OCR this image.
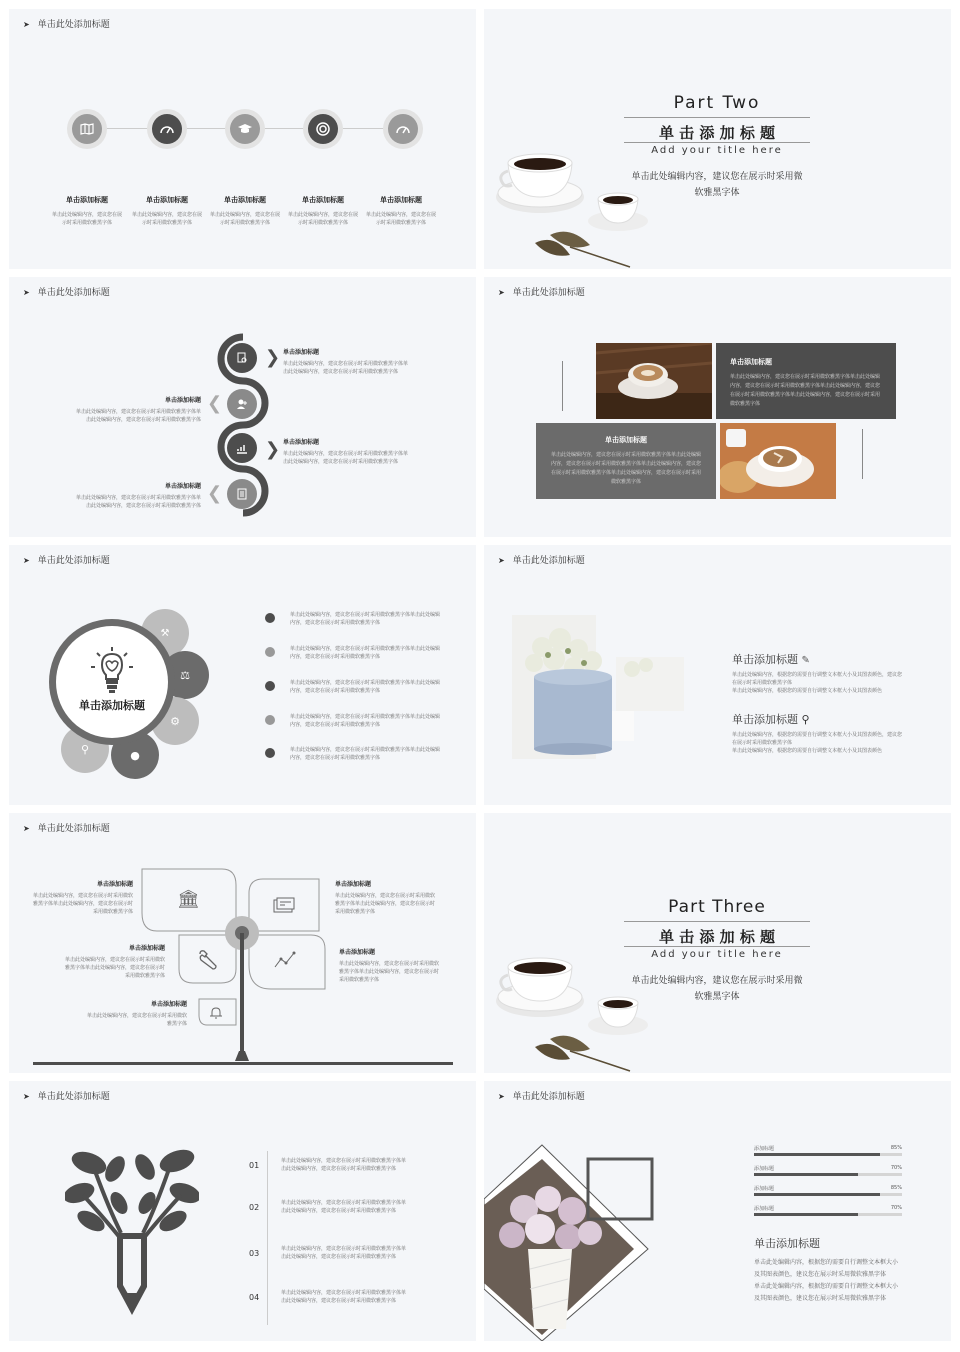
➤ 单击此处添加标题
单击添加标题
单击此处编辑内容，建议您在展示时采用微软雅黑字体
单击添加标题
单击此处编辑内容，建议您在展示时采用微软雅黑字体
单击添加标题
单击此处编辑内容，建议您在展示时采用微软雅黑字体
单击添加标题
单击此处编辑内容，建议您在展示时采用微软雅黑字体
单击添加标题
单击此处编辑内容，建议您在展示时采用微软雅黑字体
Part Two
单 击 添 加 标 题
Add your title here
单击此处编辑内容，建议您在展示时采用微
软雅黑字体
➤ 单击此处添加标题
❯
❮
❯
❮
单击添加标题
单击此处编辑内容，建议您在展示时采用微软雅黑字体单
击此处编辑内容，建议您在展示时采用微软雅黑字体
单击添加标题
单击此处编辑内容，建议您在展示时采用微软雅黑字体单
击此处编辑内容，建议您在展示时采用微软雅黑字体
单击添加标题
单击此处编辑内容，建议您在展示时采用微软雅黑字体单
击此处编辑内容，建议您在展示时采用微软雅黑字体
单击添加标题
单击此处编辑内容，建议您在展示时采用微软雅黑字体单
击此处编辑内容，建议您在展示时采用微软雅黑字体
➤ 单击此处添加标题
单击添加标题
单击此处编辑内容，建议您在展示时采用微软雅黑字体单击此处编辑内容，建议您在展示时采用微软雅黑字体单击此处编辑内容，建议您在展示时采用微软雅黑字体单击此处编辑内容，建议您在展示时采用微软雅黑字体
单击添加标题
单击此处编辑内容，建议您在展示时采用微软雅黑字体单击此处编辑内容，建议您在展示时采用微软雅黑字体单击此处编辑内容，建议您在展示时采用微软雅黑字体单击此处编辑内容，建议您在展示时采用微软雅黑字体
➤ 单击此处添加标题
⚒
⚖
⚙
●
⚲
单击添加标题
单击此处编辑内容，建议您在展示时采用微软雅黑字体单击此处编辑
内容，建议您在展示时采用微软雅黑字体
单击此处编辑内容，建议您在展示时采用微软雅黑字体单击此处编辑
内容，建议您在展示时采用微软雅黑字体
单击此处编辑内容，建议您在展示时采用微软雅黑字体单击此处编辑
内容，建议您在展示时采用微软雅黑字体
单击此处编辑内容，建议您在展示时采用微软雅黑字体单击此处编辑
内容，建议您在展示时采用微软雅黑字体
单击此处编辑内容，建议您在展示时采用微软雅黑字体单击此处编辑
内容，建议您在展示时采用微软雅黑字体
➤ 单击此处添加标题
单击添加标题 ✎
单击此处编辑内容，根据您的需要自行调整文本框大小及其图表颜色，建议您
在展示时采用微软雅黑字体
单击此处编辑内容，根据您的需要自行调整文本框大小及其图表颜色
单击添加标题 ⚲
单击此处编辑内容，根据您的需要自行调整文本框大小及其图表颜色，建议您
在展示时采用微软雅黑字体
单击此处编辑内容，根据您的需要自行调整文本框大小及其图表颜色
➤ 单击此处添加标题
🏛
单击添加标题
单击此处编辑内容，建议您在展示时采用微软雅黑字体单击此处编辑内容，建议您在展示时采用微软雅黑字体
单击添加标题
单击此处编辑内容，建议您在展示时采用微软雅黑字体单击此处编辑内容，建议您在展示时采用微软雅黑字体
单击添加标题
单击此处编辑内容，建议您在展示时采用微软雅黑字体单击此处编辑内容，建议您在展示时采用微软雅黑字体
单击添加标题
单击此处编辑内容，建议您在展示时采用微软雅黑字体单击此处编辑内容，建议您在展示时采用微软雅黑字体
单击添加标题
单击此处编辑内容，建议您在展示时采用微软雅黑字体
Part Three
单 击 添 加 标 题
Add your title here
单击此处编辑内容，建议您在展示时采用微
软雅黑字体
➤ 单击此处添加标题
01	单击此处编辑内容，建议您在展示时采用微软雅黑字体单
击此处编辑内容，建议您在展示时采用微软雅黑字体
02	单击此处编辑内容，建议您在展示时采用微软雅黑字体单
击此处编辑内容，建议您在展示时采用微软雅黑字体
03	单击此处编辑内容，建议您在展示时采用微软雅黑字体单
击此处编辑内容，建议您在展示时采用微软雅黑字体
04	单击此处编辑内容，建议您在展示时采用微软雅黑字体单
击此处编辑内容，建议您在展示时采用微软雅黑字体
➤ 单击此处添加标题
添加标题	85%
添加标题	70%
添加标题	85%
添加标题	70%
单击添加标题
单击此处编辑内容，根据您的需要自行调整文本框大小
及其图表颜色，建议您在展示时采用微软雅黑字体
单击此处编辑内容，根据您的需要自行调整文本框大小
及其图表颜色，建议您在展示时采用微软雅黑字体
